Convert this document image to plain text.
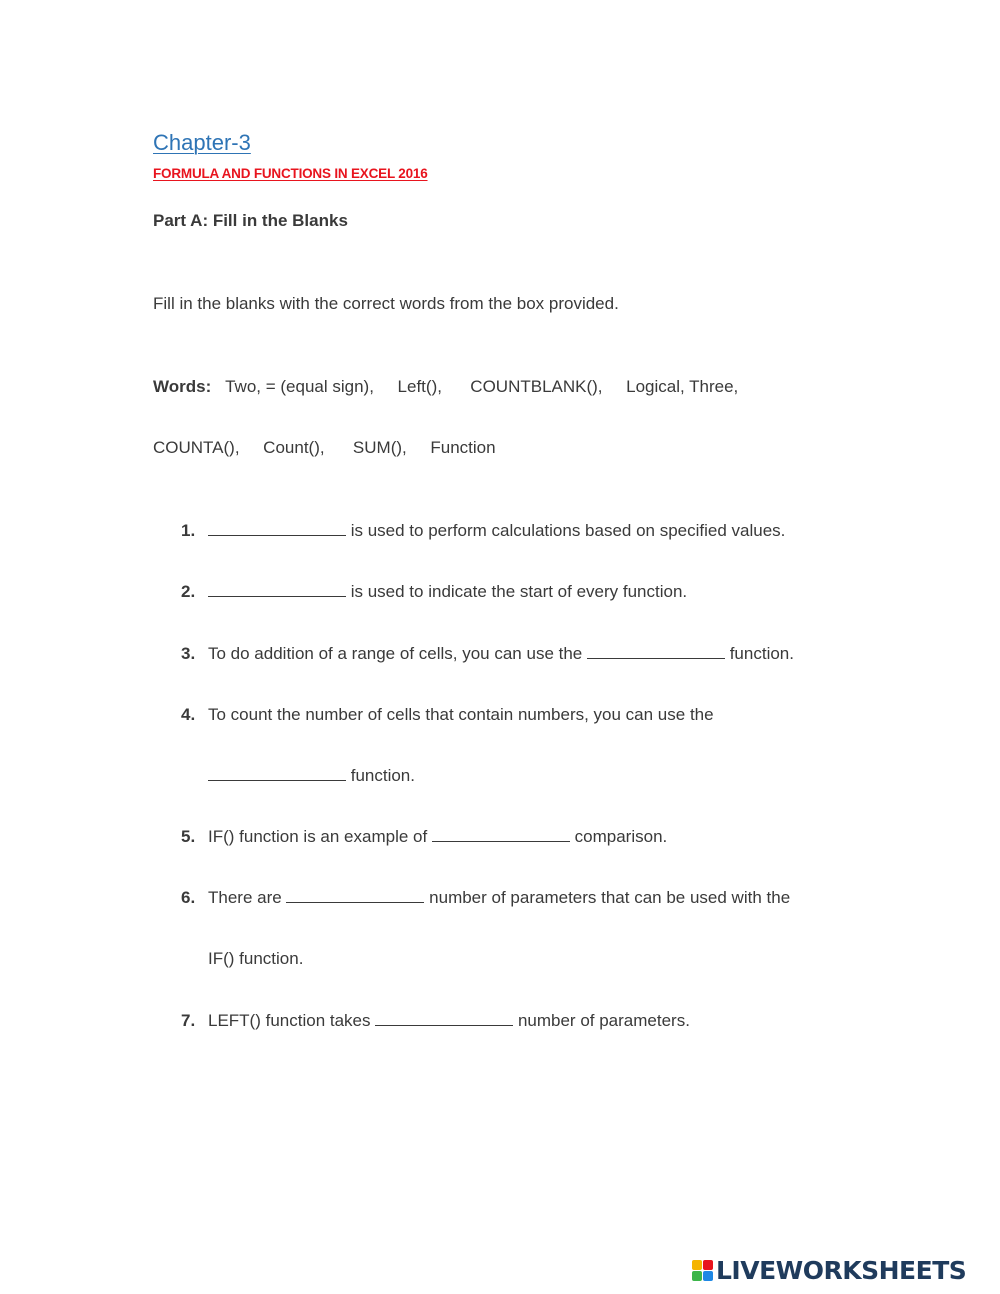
Chapter-3
FORMULA AND FUNCTIONS IN EXCEL 2016
Part A: Fill in the Blanks
Fill in the blanks with the correct words from the box provided.
Words:   Two, = (equal sign),     Left(),      COUNTBLANK(),     Logical, Three,
COUNTA(),     Count(),      SUM(),     Function
1.	is used to perform calculations based on specified values.
2.	is used to indicate the start of every function.
3. To do addition of a range of cells, you can use the	function.
4. To count the number of cells that contain numbers, you can use the
function.
5. IF() function is an example of	comparison.
6. There are	number of parameters that can be used with the
IF() function.
7. LEFT() function takes	number of parameters.
LIVEWORKSHEETS
